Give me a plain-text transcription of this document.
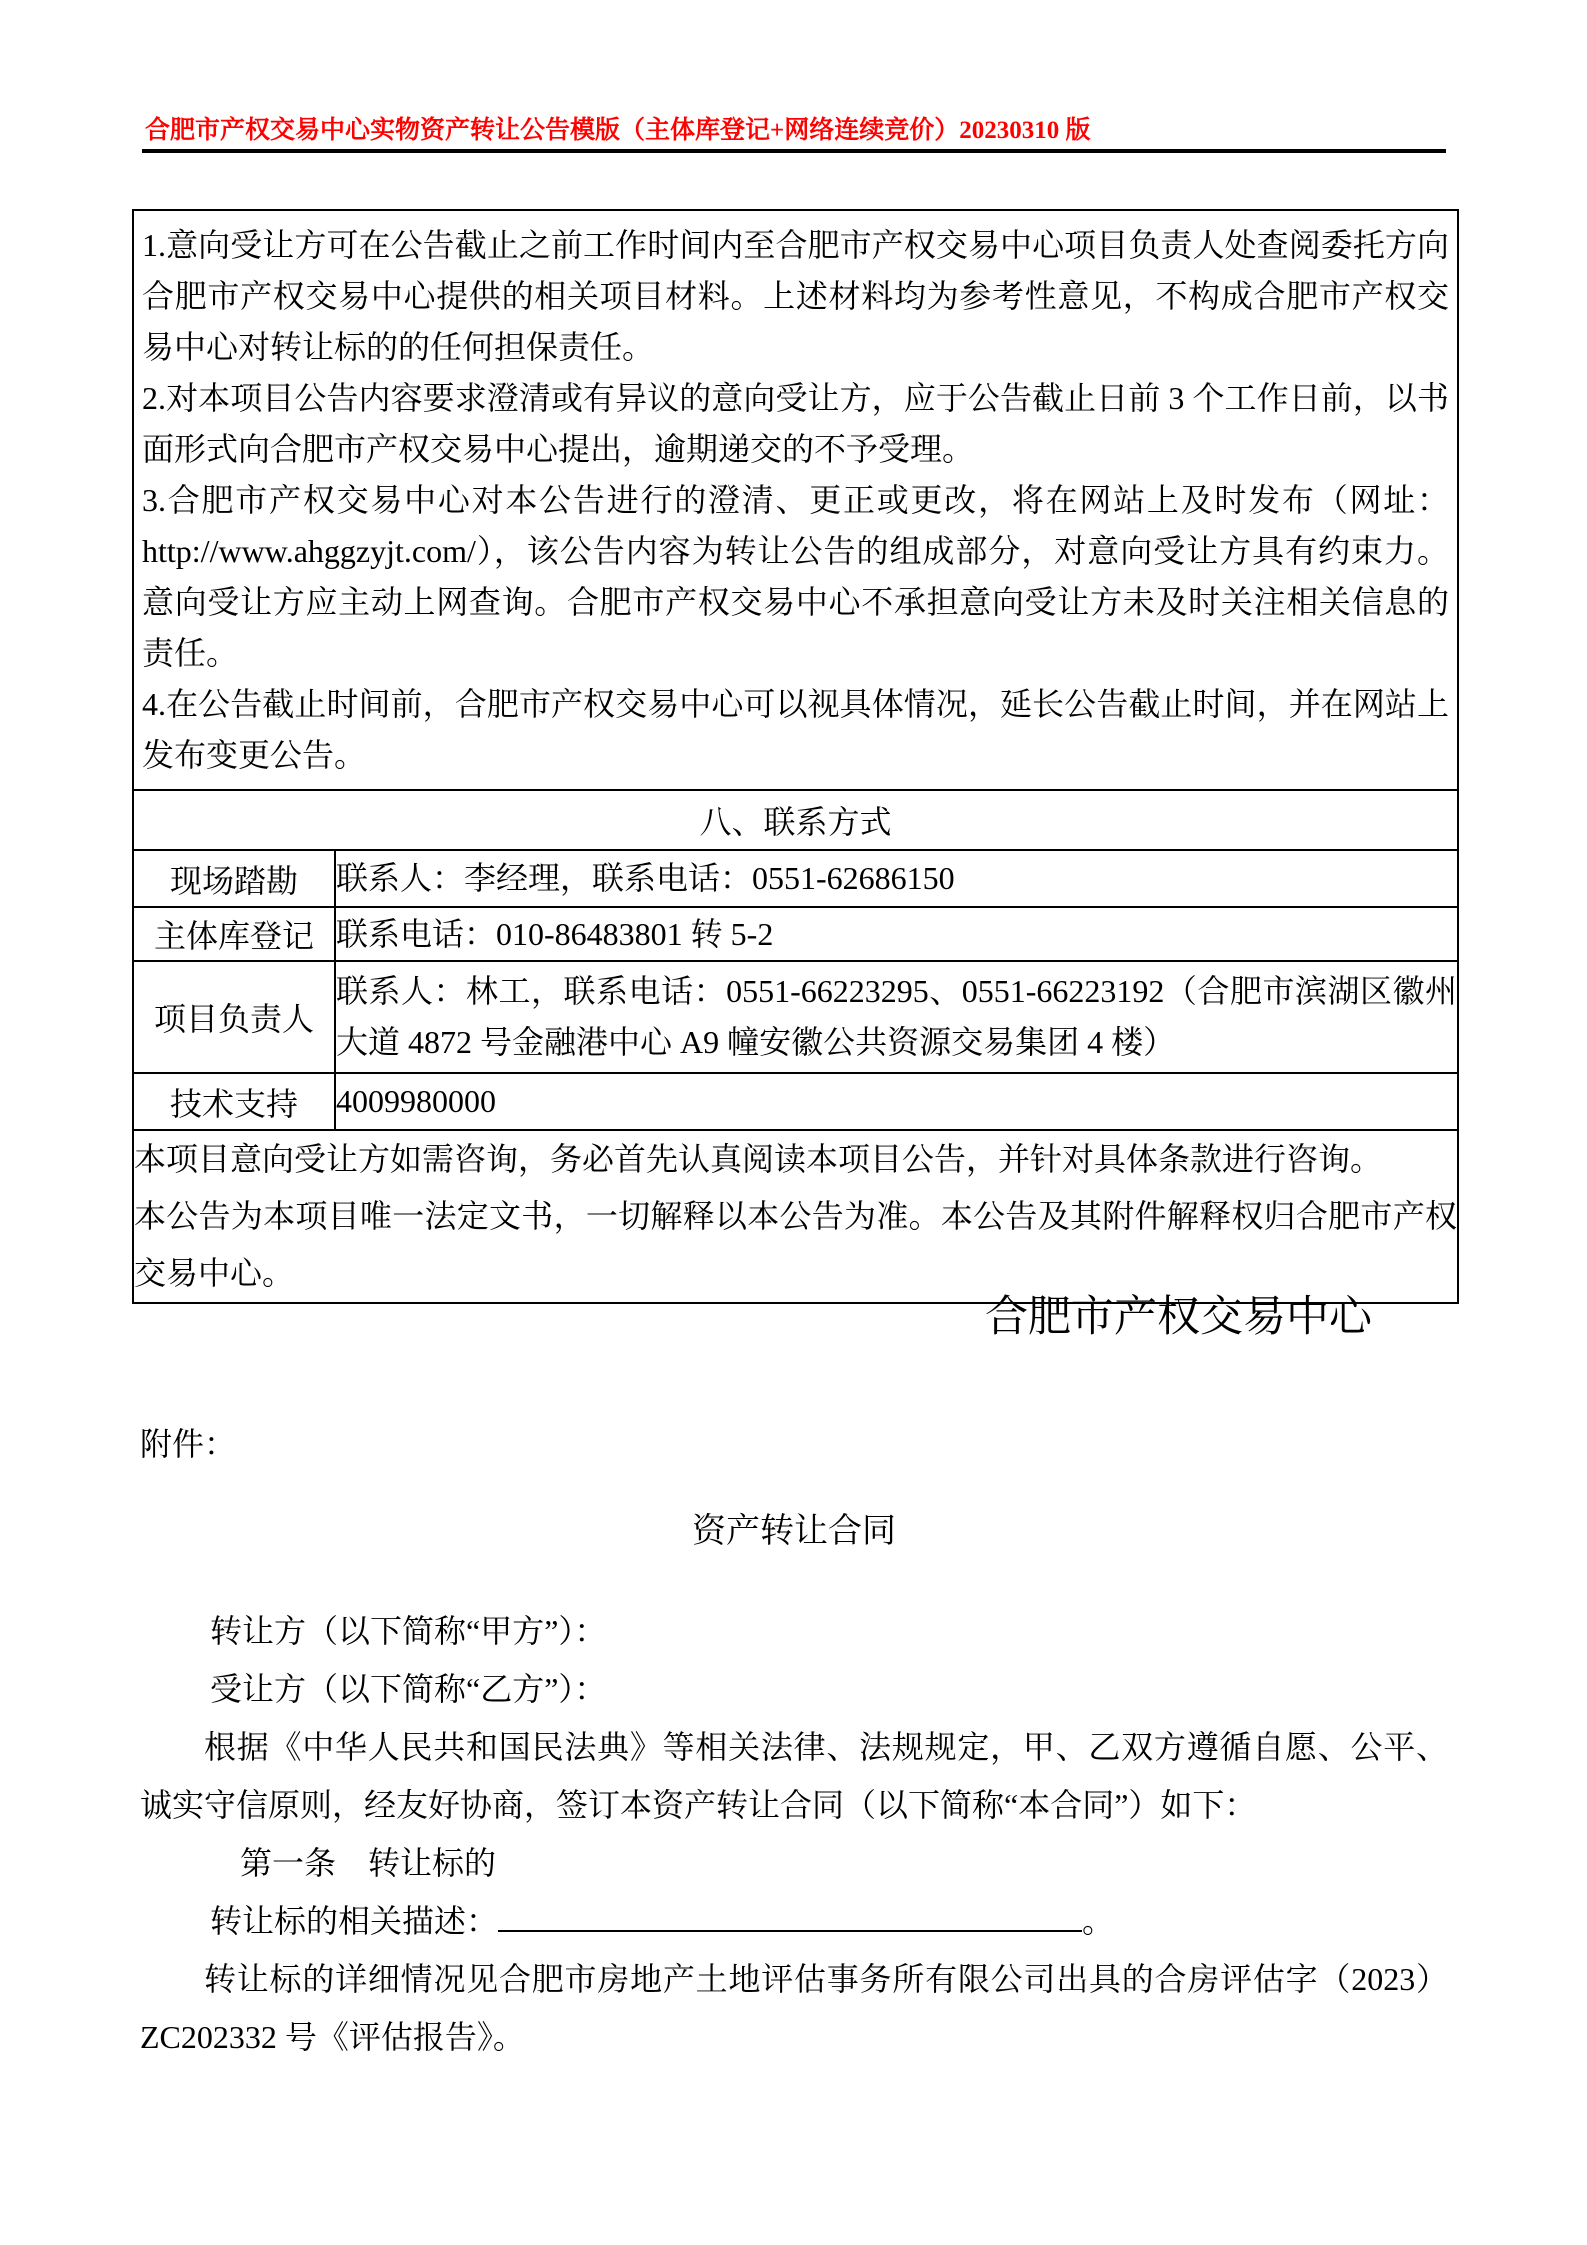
合肥市产权交易中心实物资产转让公告模版（主体库登记+网络连续竞价）20230310 版

1.意向受让方可在公告截止之前工作时间内至合肥市产权交易中心项目负责人处查阅委托方向合肥市产权交易中心提供的相关项目材料。上述材料均为参考性意见，不构成合肥市产权交易中心对转让标的的任何担保责任。

2.对本项目公告内容要求澄清或有异议的意向受让方，应于公告截止日前 3 个工作日前，以书面形式向合肥市产权交易中心提出，逾期递交的不予受理。

3.合肥市产权交易中心对本公告进行的澄清、更正或更改，将在网站上及时发布（网址：http://www.ahggzyjt.com/），该公告内容为转让公告的组成部分，对意向受让方具有约束力。意向受让方应主动上网查询。合肥市产权交易中心不承担意向受让方未及时关注相关信息的责任。

4.在公告截止时间前，合肥市产权交易中心可以视具体情况，延长公告截止时间，并在网站上发布变更公告。

八、联系方式	
现场踏勘	联系人：李经理，联系电话：0551-62686150
主体库登记	联系电话：010-86483801 转 5-2
项目负责人	联系人：林工，联系电话：0551-66223295、0551-66223192（合肥市滨湖区徽州大道 4872 号金融港中心 A9 幢安徽公共资源交易集团 4 楼）
技术支持	4009980000

本项目意向受让方如需咨询，务必首先认真阅读本项目公告，并针对具体条款进行咨询。

本公告为本项目唯一法定文书，一切解释以本公告为准。本公告及其附件解释权归合肥市产权交易中心。	

合肥市产权交易中心

附件：

资产转让合同

转让方（以下简称“甲方”）：

受让方（以下简称“乙方”）：

根据《中华人民共和国民法典》等相关法律、法规规定，甲、乙双方遵循自愿、公平、诚实守信原则，经友好协商，签订本资产转让合同（以下简称“本合同”）如下：

第一条　转让标的

转让标的相关描述：	。

转让标的详细情况见合肥市房地产土地评估事务所有限公司出具的合房评估字（2023）ZC202332 号《评估报告》。
